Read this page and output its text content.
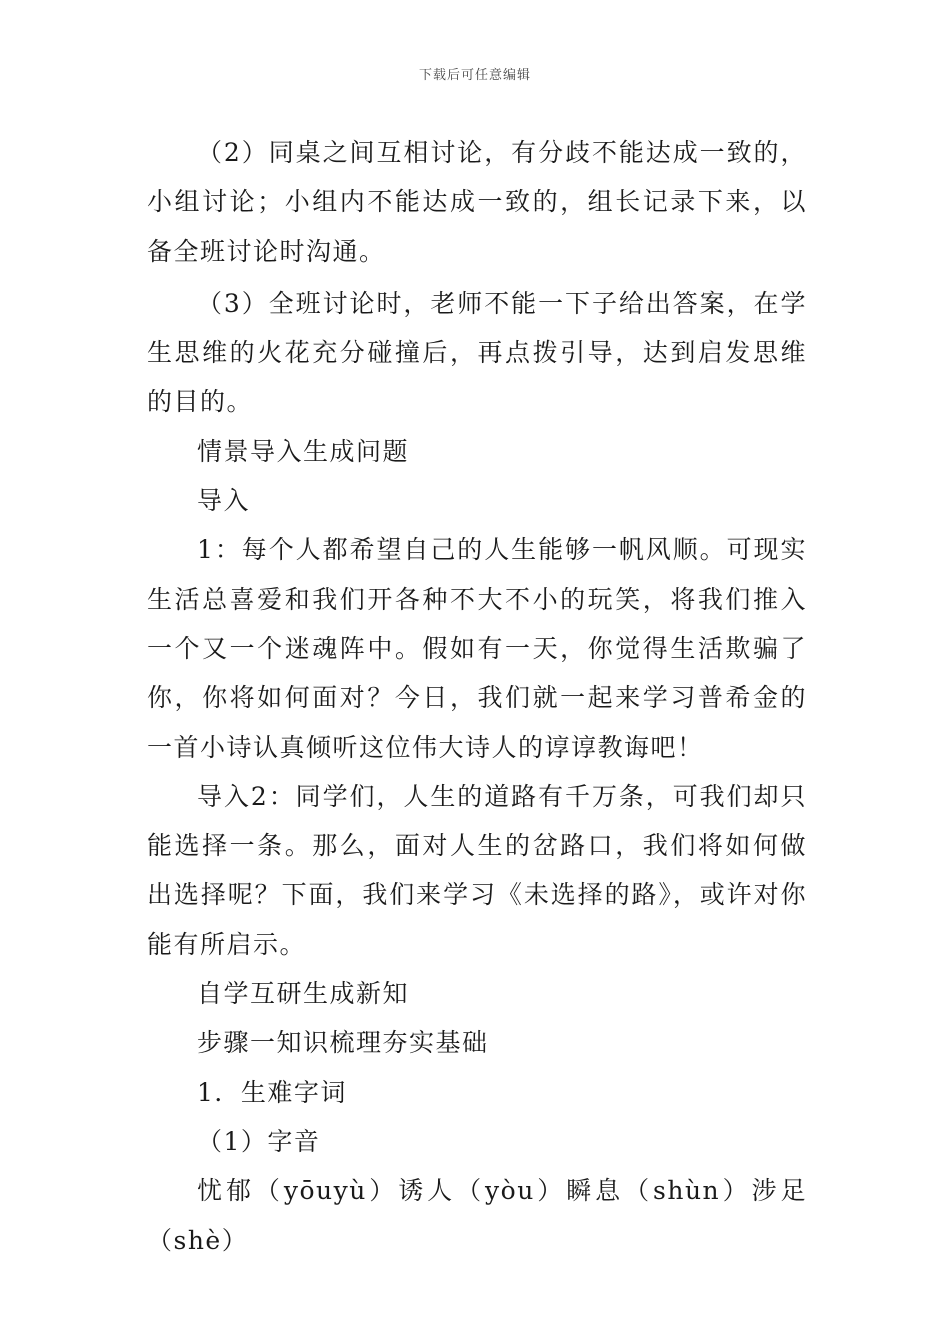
下载后可任意编辑

（2）同桌之间互相讨论，有分歧不能达成一致的，小组讨论；小组内不能达成一致的，组长记录下来，以备全班讨论时沟通。

（3）全班讨论时，老师不能一下子给出答案，在学生思维的火花充分碰撞后，再点拨引导，达到启发思维的目的。

情景导入生成问题

导入

1：每个人都希望自己的人生能够一帆风顺。可现实生活总喜爱和我们开各种不大不小的玩笑，将我们推入一个又一个迷魂阵中。假如有一天，你觉得生活欺骗了你，你将如何面对？今日，我们就一起来学习普希金的一首小诗认真倾听这位伟大诗人的谆谆教诲吧！

导入2：同学们，人生的道路有千万条，可我们却只能选择一条。那么，面对人生的岔路口，我们将如何做出选择呢？下面，我们来学习《未选择的路》，或许对你能有所启示。

自学互研生成新知

步骤一知识梳理夯实基础

1．生难字词

（1）字音

忧郁（yōuyù）诱人（yòu）瞬息（shùn）涉足（shè）
